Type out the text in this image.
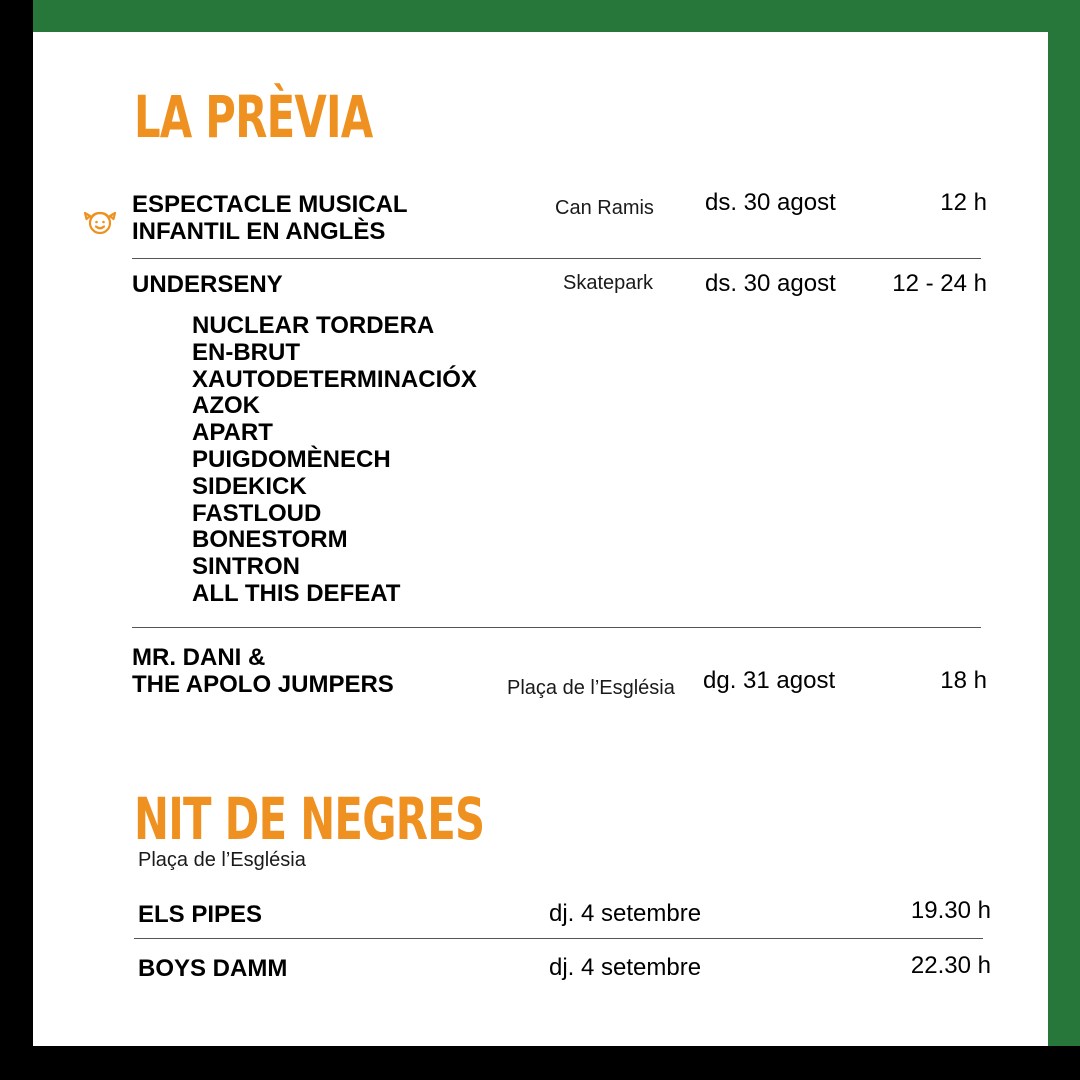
LA PRÈVIA
ESPECTACLE MUSICAL
INFANTIL EN ANGLÈS
Can Ramis ds. 30 agost	12 h
UNDERSENY	Skatepark ds. 30 agost 12 - 24 h
NUCLEAR TORDERA
EN-BRUT
XAUTODETERMINACIÓX
AZOK
APART
PUIGDOMÈNECH
SIDEKICK
FASTLOUD
BONESTORM
SINTRON
ALL THIS DEFEAT
MR. DANI &
THE APOLO JUMPERS	Plaça de l’Església dg. 31 agost	18 h
NIT DE NEGRES
Plaça de l’Església
ELS PIPES	dj. 4 setembre	19.30 h
BOYS DAMM	dj. 4 setembre	22.30 h
